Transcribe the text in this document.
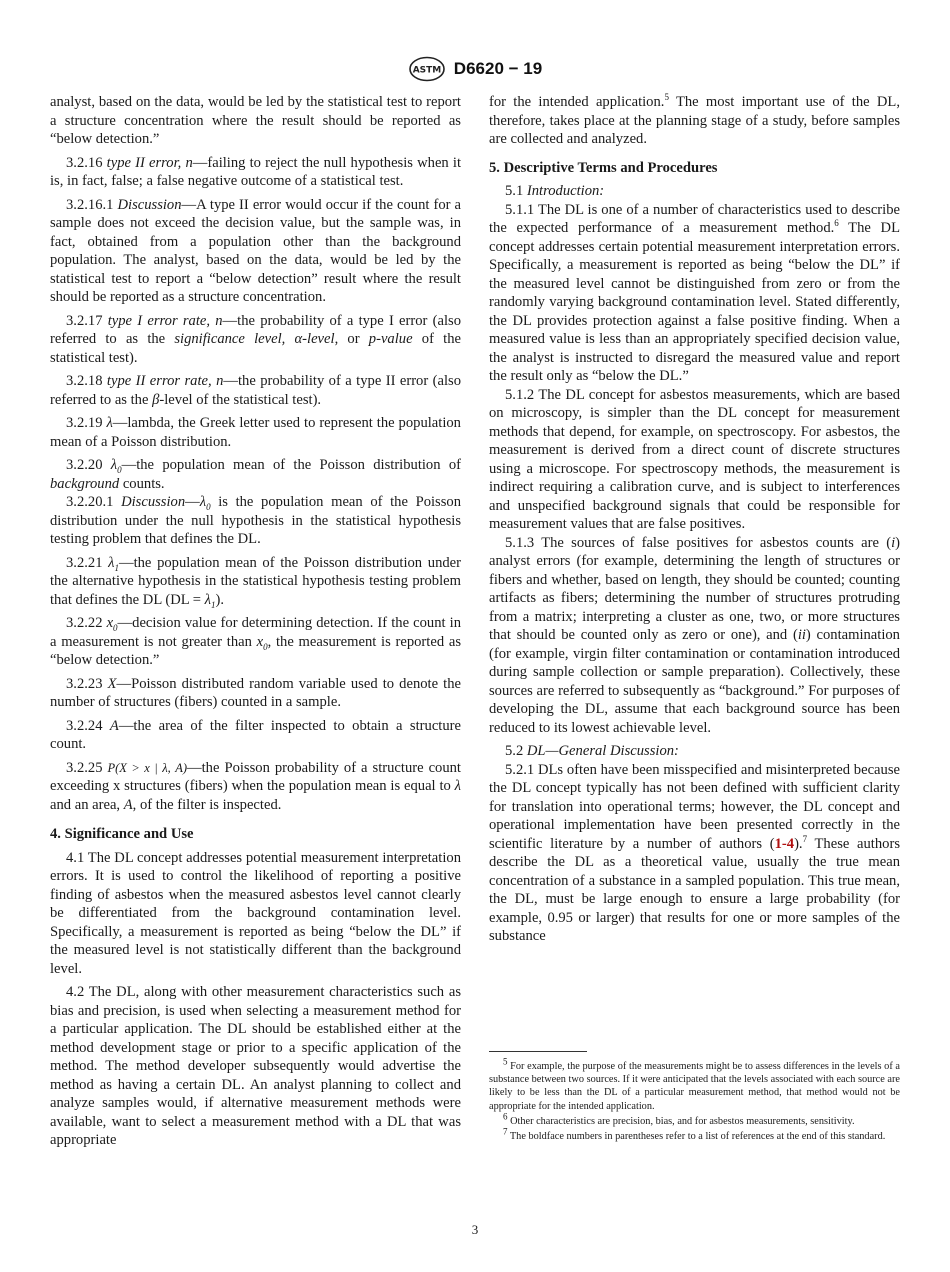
ASTM D6620 − 19

analyst, based on the data, would be led by the statistical test to report a structure concentration where the result should be reported as “below detection.”

3.2.16 type II error, n—failing to reject the null hypothesis when it is, in fact, false; a false negative outcome of a statistical test.

3.2.16.1 Discussion—A type II error would occur if the count for a sample does not exceed the decision value, but the sample was, in fact, obtained from a population other than the background population. The analyst, based on the data, would be led by the statistical test to report a “below detection” result where the result should be reported as a structure concentration.

3.2.17 type I error rate, n—the probability of a type I error (also referred to as the significance level, α-level, or p-value of the statistical test).

3.2.18 type II error rate, n—the probability of a type II error (also referred to as the β-level of the statistical test).

3.2.19 λ—lambda, the Greek letter used to represent the population mean of a Poisson distribution.

3.2.20 $\lambda_0—the$ population mean of the Poisson distribution of background counts.

3.2.20.1 $Discussion—\lambda_0$ is the population mean of the Poisson distribution under the null hypothesis in the statistical hypothesis testing problem that defines the DL.

3.2.21 $\lambda_1—the$ population mean of the Poisson distribution under the alternative hypothesis in the statistical hypothesis testing problem that defines the DL $(DL = \lambda_1)$.

3.2.22 $x_0—decision$ value for determining detection. If the count in a measurement is not greater than $x_0$, the measurement is reported as “below detection.”

3.2.23 X—Poisson distributed random variable used to denote the number of structures (fibers) counted in a sample.

3.2.24 A—the area of the filter inspected to obtain a structure count.

3.2.25 P(X > x | λ, A)—the Poisson probability of a structure count exceeding x structures (fibers) when the population mean is equal to λ and an area, A, of the filter is inspected.

4. Significance and Use

4.1 The DL concept addresses potential measurement interpretation errors. It is used to control the likelihood of reporting a positive finding of asbestos when the measured asbestos level cannot clearly be differentiated from the background contamination level. Specifically, a measurement is reported as being “below the DL” if the measured level is not statistically different than the background level.

4.2 The DL, along with other measurement characteristics such as bias and precision, is used when selecting a measurement method for a particular application. The DL should be established either at the method development stage or prior to a specific application of the method. The method developer subsequently would advertise the method as having a certain DL. An analyst planning to collect and analyze samples would, if alternative measurement methods were available, want to select a measurement method with a DL that was appropriate

for the intended application.$^5$ The most important use of the DL, therefore, takes place at the planning stage of a study, before samples are collected and analyzed.

5. Descriptive Terms and Procedures

5.1 Introduction:

5.1.1 The DL is one of a number of characteristics used to describe the expected performance of a measurement method.$^6$ The DL concept addresses certain potential measurement interpretation errors. Specifically, a measurement is reported as being “below the DL” if the measured level cannot be distinguished from zero or from the randomly varying background contamination level. Stated differently, the DL provides protection against a false positive finding. When a measured value is less than an appropriately specified decision value, the analyst is instructed to disregard the measured value and report the result only as “below the DL.”

5.1.2 The DL concept for asbestos measurements, which are based on microscopy, is simpler than the DL concept for measurement methods that depend, for example, on spectroscopy. For asbestos, the measurement is derived from a direct count of discrete structures using a microscope. For spectroscopy methods, the measurement is indirect requiring a calibration curve, and is subject to interferences and unspecified background signals that could be responsible for measurement values that are false positives.

5.1.3 The sources of false positives for asbestos counts are (i) analyst errors (for example, determining the length of structures or fibers and whether, based on length, they should be counted; counting artifacts as fibers; determining the number of structures protruding from a matrix; interpreting a cluster as one, two, or more structures that should be counted only as zero or one), and (ii) contamination (for example, virgin filter contamination or contamination introduced during sample collection or sample preparation). Collectively, these sources are referred to subsequently as “background.” For purposes of developing the DL, assume that each background source has been reduced to its lowest achievable level.

5.2 DL—General Discussion:

5.2.1 DLs often have been misspecified and misinterpreted because the DL concept typically has not been defined with sufficient clarity for translation into operational terms; however, the DL concept and operational implementation have been presented correctly in the scientific literature by a number of authors (1-4).$^7$ These authors describe the DL as a theoretical value, usually the true mean concentration of a substance in a sampled population. This true mean, the DL, must be large enough to ensure a large probability (for example, 0.95 or larger) that results for one or more samples of the substance

$^5$ For example, the purpose of the measurements might be to assess differences in the levels of a substance between two sources. If it were anticipated that the levels associated with each source are likely to be less than the DL of a particular measurement method, that method would not be appropriate for the intended application.

$^6$ Other characteristics are precision, bias, and for asbestos measurements, sensitivity.

$^7$ The boldface numbers in parentheses refer to a list of references at the end of this standard.

3
